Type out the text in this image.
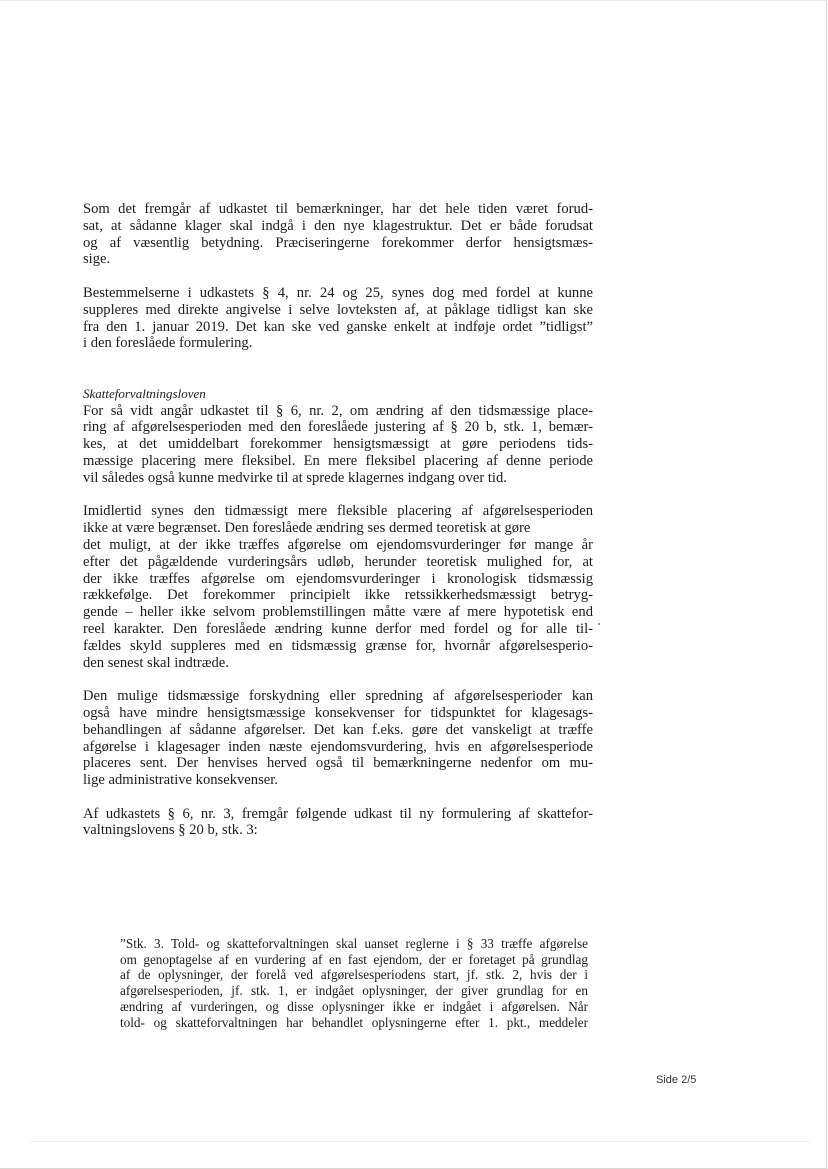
Som det fremgår af udkastet til bemærkninger, har det hele tiden været forud-
sat, at sådanne klager skal indgå i den nye klagestruktur. Det er både forudsat
og af væsentlig betydning. Præciseringerne forekommer derfor hensigtsmæs-
sige.
Bestemmelserne i udkastets § 4, nr. 24 og 25, synes dog med fordel at kunne
suppleres med direkte angivelse i selve lovteksten af, at påklage tidligst kan ske
fra den 1. januar 2019. Det kan ske ved ganske enkelt at indføje ordet ”tidligst”
i den foreslåede formulering.
Skatteforvaltningsloven
For så vidt angår udkastet til § 6, nr. 2, om ændring af den tidsmæssige place-
ring af afgørelsesperioden med den foreslåede justering af § 20 b, stk. 1, bemær-
kes, at det umiddelbart forekommer hensigtsmæssigt at gøre periodens tids-
mæssige placering mere fleksibel. En mere fleksibel placering af denne periode
vil således også kunne medvirke til at sprede klagernes indgang over tid.
Imidlertid synes den tidmæssigt mere fleksible placering af afgørelsesperioden
ikke at være begrænset. Den foreslåede ændring ses dermed teoretisk at gøre
det muligt, at der ikke træffes afgørelse om ejendomsvurderinger før mange år
efter det pågældende vurderingsårs udløb, herunder teoretisk mulighed for, at
der ikke træffes afgørelse om ejendomsvurderinger i kronologisk tidsmæssig
rækkefølge. Det forekommer principielt ikke retssikkerhedsmæssigt betryg-
gende – heller ikke selvom problemstillingen måtte være af mere hypotetisk end
reel karakter. Den foreslåede ændring kunne derfor med fordel og for alle til-
fældes skyld suppleres med en tidsmæssig grænse for, hvornår afgørelsesperio-
den senest skal indtræde.
Den mulige tidsmæssige forskydning eller spredning af afgørelsesperioder kan
også have mindre hensigtsmæssige konsekvenser for tidspunktet for klagesags-
behandlingen af sådanne afgørelser. Det kan f.eks. gøre det vanskeligt at træffe
afgørelse i klagesager inden næste ejendomsvurdering, hvis en afgørelsesperiode
placeres sent. Der henvises herved også til bemærkningerne nedenfor om mu-
lige administrative konsekvenser.
Af udkastets § 6, nr. 3, fremgår følgende udkast til ny formulering af skattefor-
valtningslovens § 20 b, stk. 3:
”Stk. 3. Told- og skatteforvaltningen skal uanset reglerne i § 33 træffe afgørelse
om genoptagelse af en vurdering af en fast ejendom, der er foretaget på grundlag
af de oplysninger, der forelå ved afgørelsesperiodens start, jf. stk. 2, hvis der i
afgørelsesperioden, jf. stk. 1, er indgået oplysninger, der giver grundlag for en
ændring af vurderingen, og disse oplysninger ikke er indgået i afgørelsen. Når
told- og skatteforvaltningen har behandlet oplysningerne efter 1. pkt., meddeler
Side 2/5
